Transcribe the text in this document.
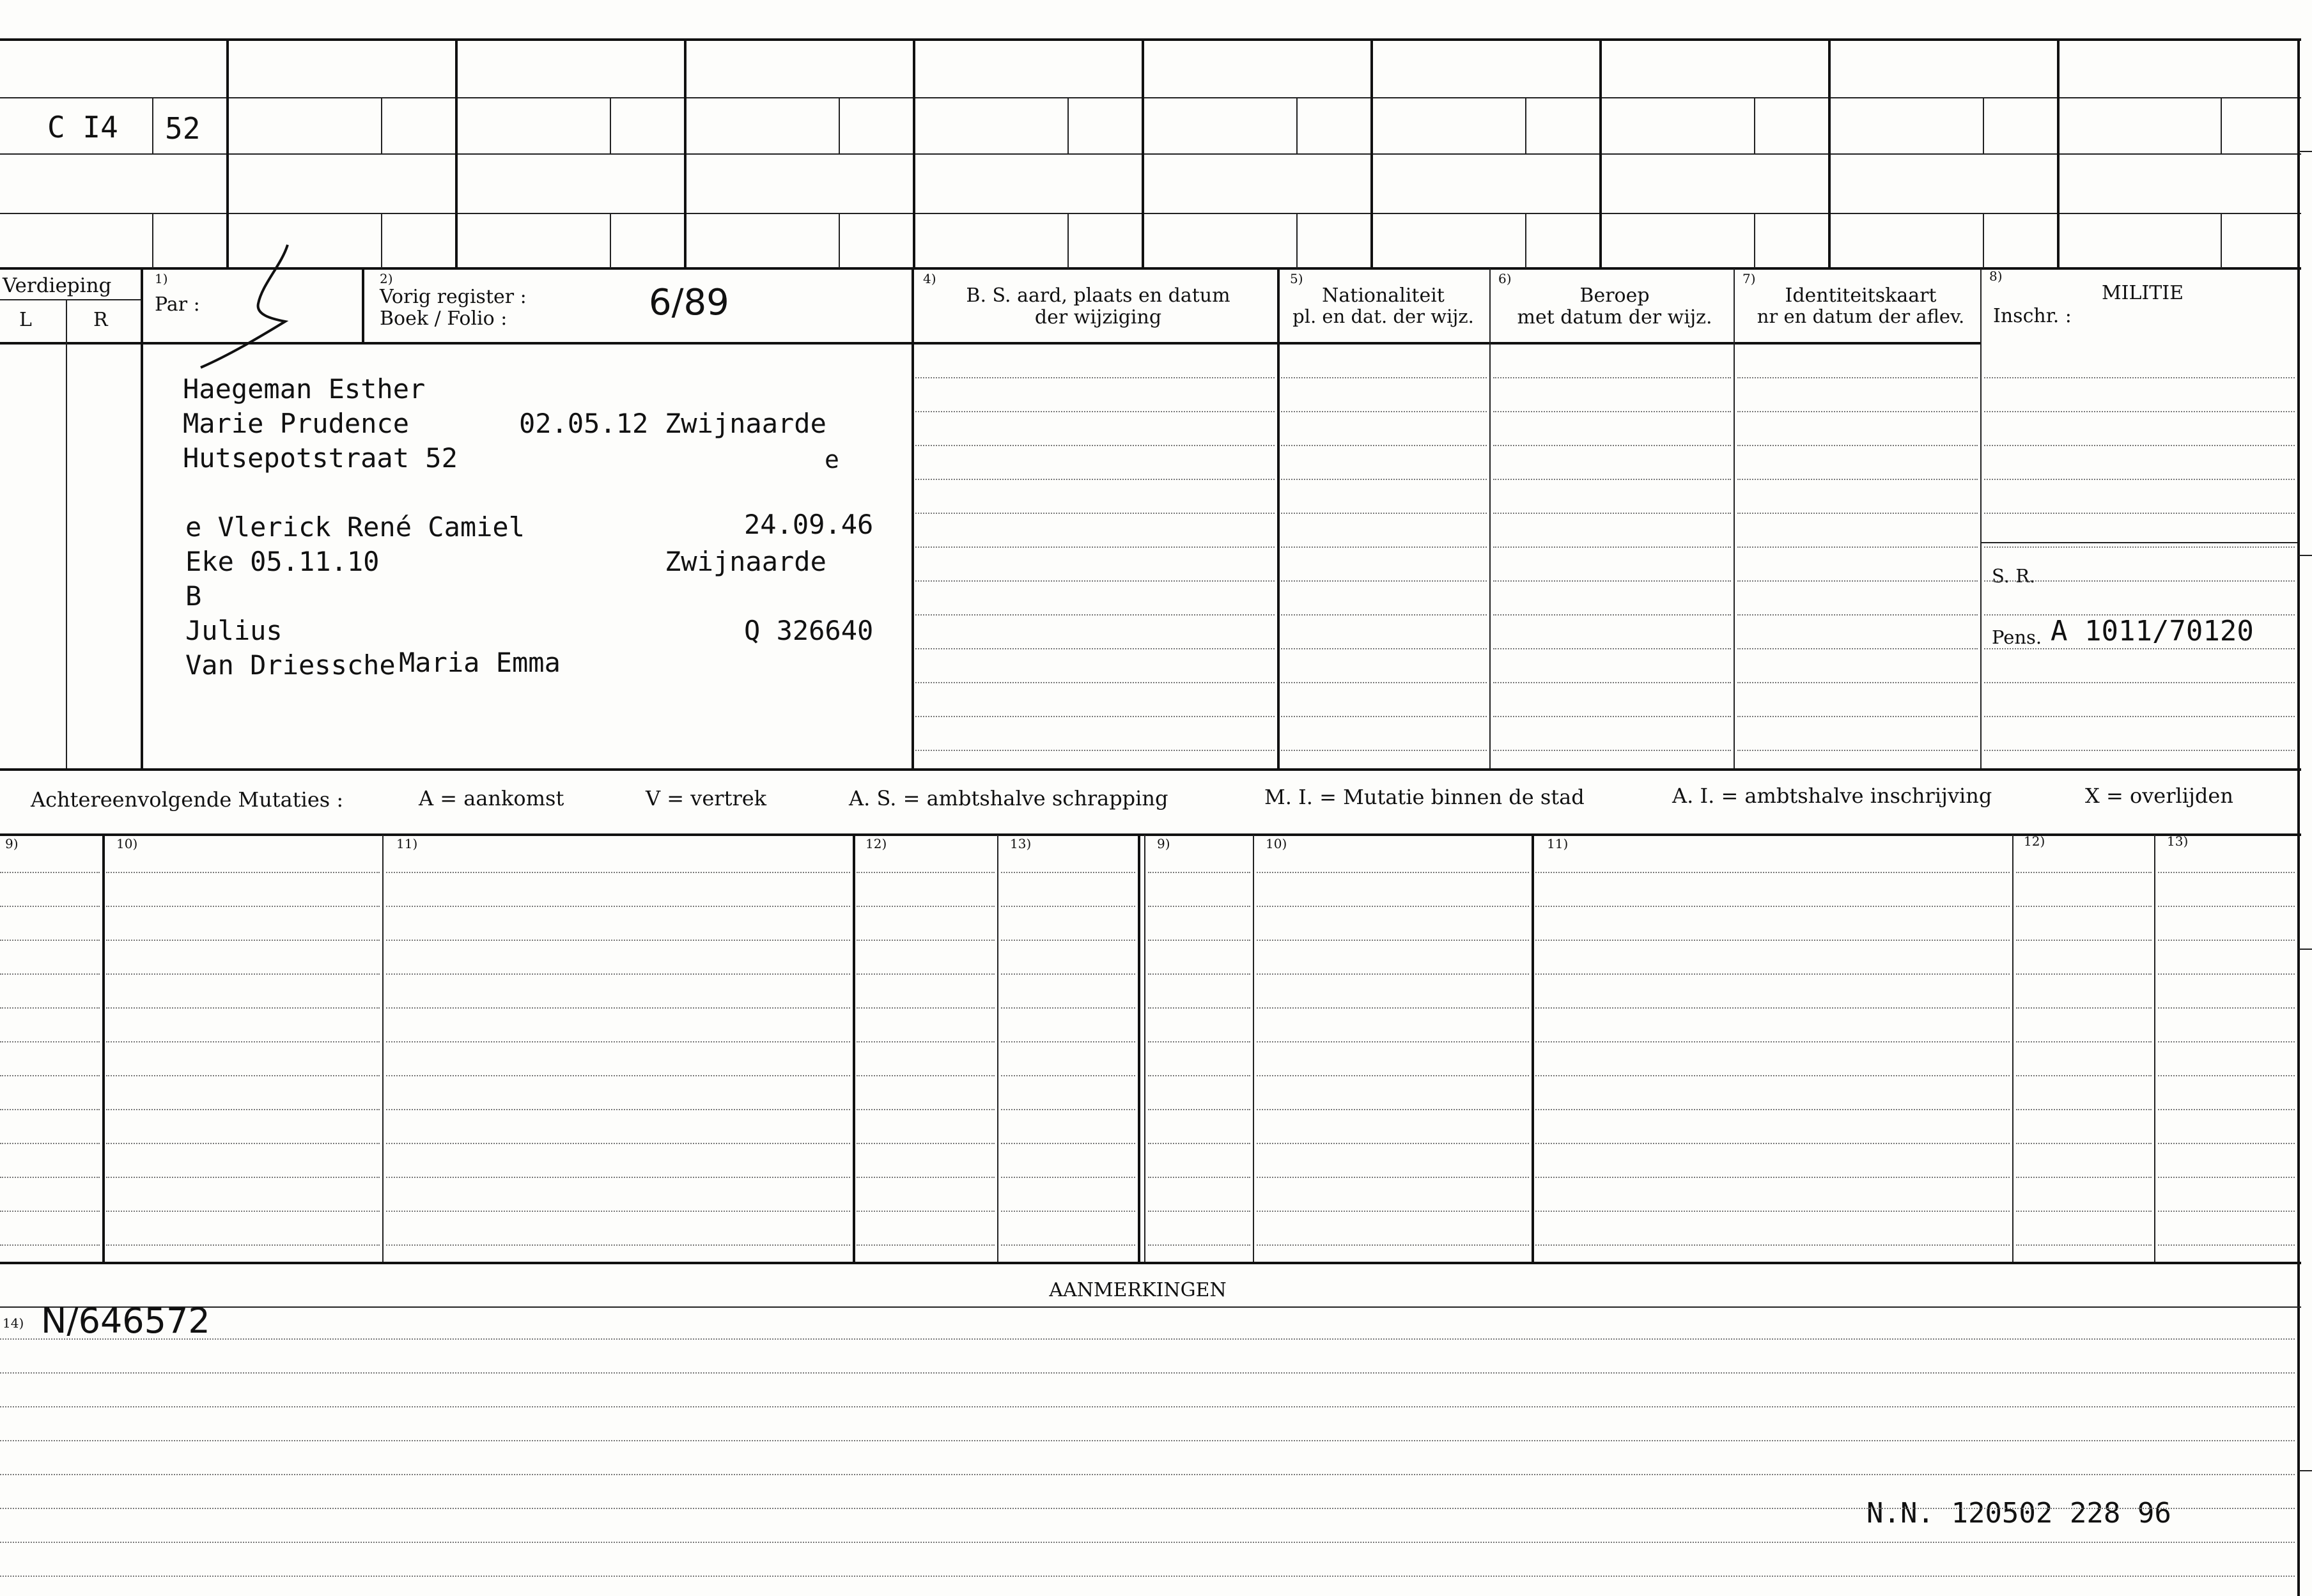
C I4 52
Verdieping
L	R
1)
Par :
2)
Vorig register :
Boek / Folio :	6/89
4)
B. S. aard, plaats en datum
der wijziging
5)
Nationaliteit
pl. en dat. der wijz.
6)
Beroep
met datum der wijz.
7)
Identiteitskaart
nr en datum der aflev.
8)
MILITIE
Inschr. :
Haegeman Esther
Marie Prudence	02.05.12 Zwijnaarde
Hutsepotstraat 52	e
e Vlerick René Camiel	24.09.46
Eke 05.11.10	Zwijnaarde
B
Julius	Q 326640
Van Driessche Maria Emma
S. R.
Pens. A 1011/70120
Achtereenvolgende Mutaties :	A = aankomst	V = vertrek	A. S. = ambtshalve schrapping	M. I. = Mutatie binnen de stad	A. I. = ambtshalve inschrijving	X = overlijden
9)	10)	11)	12)	13)	9)	10)	11)	12)	13)
AANMERKINGEN
14) N/646572
N.N. 120502 228 96
